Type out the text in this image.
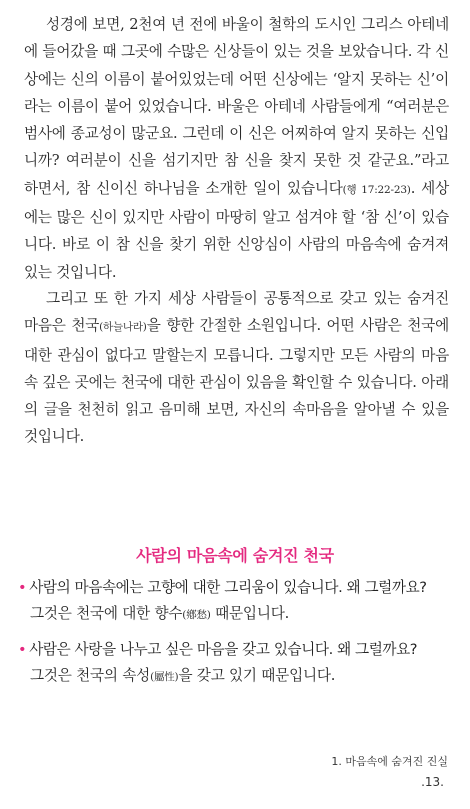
성경에 보면, 2천여 년 전에 바울이 철학의 도시인 그리스 아테네에 들어갔을 때 그곳에 수많은 신상들이 있는 것을 보았습니다. 각 신상에는 신의 이름이 붙어있었는데 어떤 신상에는 ‘알지 못하는 신’이라는 이름이 붙어 있었습니다. 바울은 아테네 사람들에게 “여러분은 범사에 종교성이 많군요. 그런데 이 신은 어찌하여 알지 못하는 신입니까? 여러분이 신을 섬기지만 참 신을 찾지 못한 것 같군요.”라고 하면서, 참 신이신 하나님을 소개한 일이 있습니다(행 17:22-23). 세상에는 많은 신이 있지만 사람이 마땅히 알고 섬겨야 할 ‘참 신’이 있습니다. 바로 이 참 신을 찾기 위한 신앙심이 사람의 마음속에 숨겨져 있는 것입니다.

그리고 또 한 가지 세상 사람들이 공통적으로 갖고 있는 숨겨진 마음은 천국(하늘나라)을 향한 간절한 소원입니다. 어떤 사람은 천국에 대한 관심이 없다고 말할는지 모릅니다. 그렇지만 모든 사람의 마음속 깊은 곳에는 천국에 대한 관심이 있음을 확인할 수 있습니다. 아래의 글을 천천히 읽고 음미해 보면, 자신의 속마음을 알아낼 수 있을 것입니다.

사람의 마음속에 숨겨진 천국
• 사람의 마음속에는 고향에 대한 그리움이 있습니다. 왜 그럴까요?
그것은 천국에 대한 향수(鄕愁) 때문입니다.
• 사람은 사랑을 나누고 싶은 마음을 갖고 있습니다. 왜 그럴까요?
그것은 천국의 속성(屬性)을 갖고 있기 때문입니다.
1. 마음속에 숨겨진 진실
.13.
